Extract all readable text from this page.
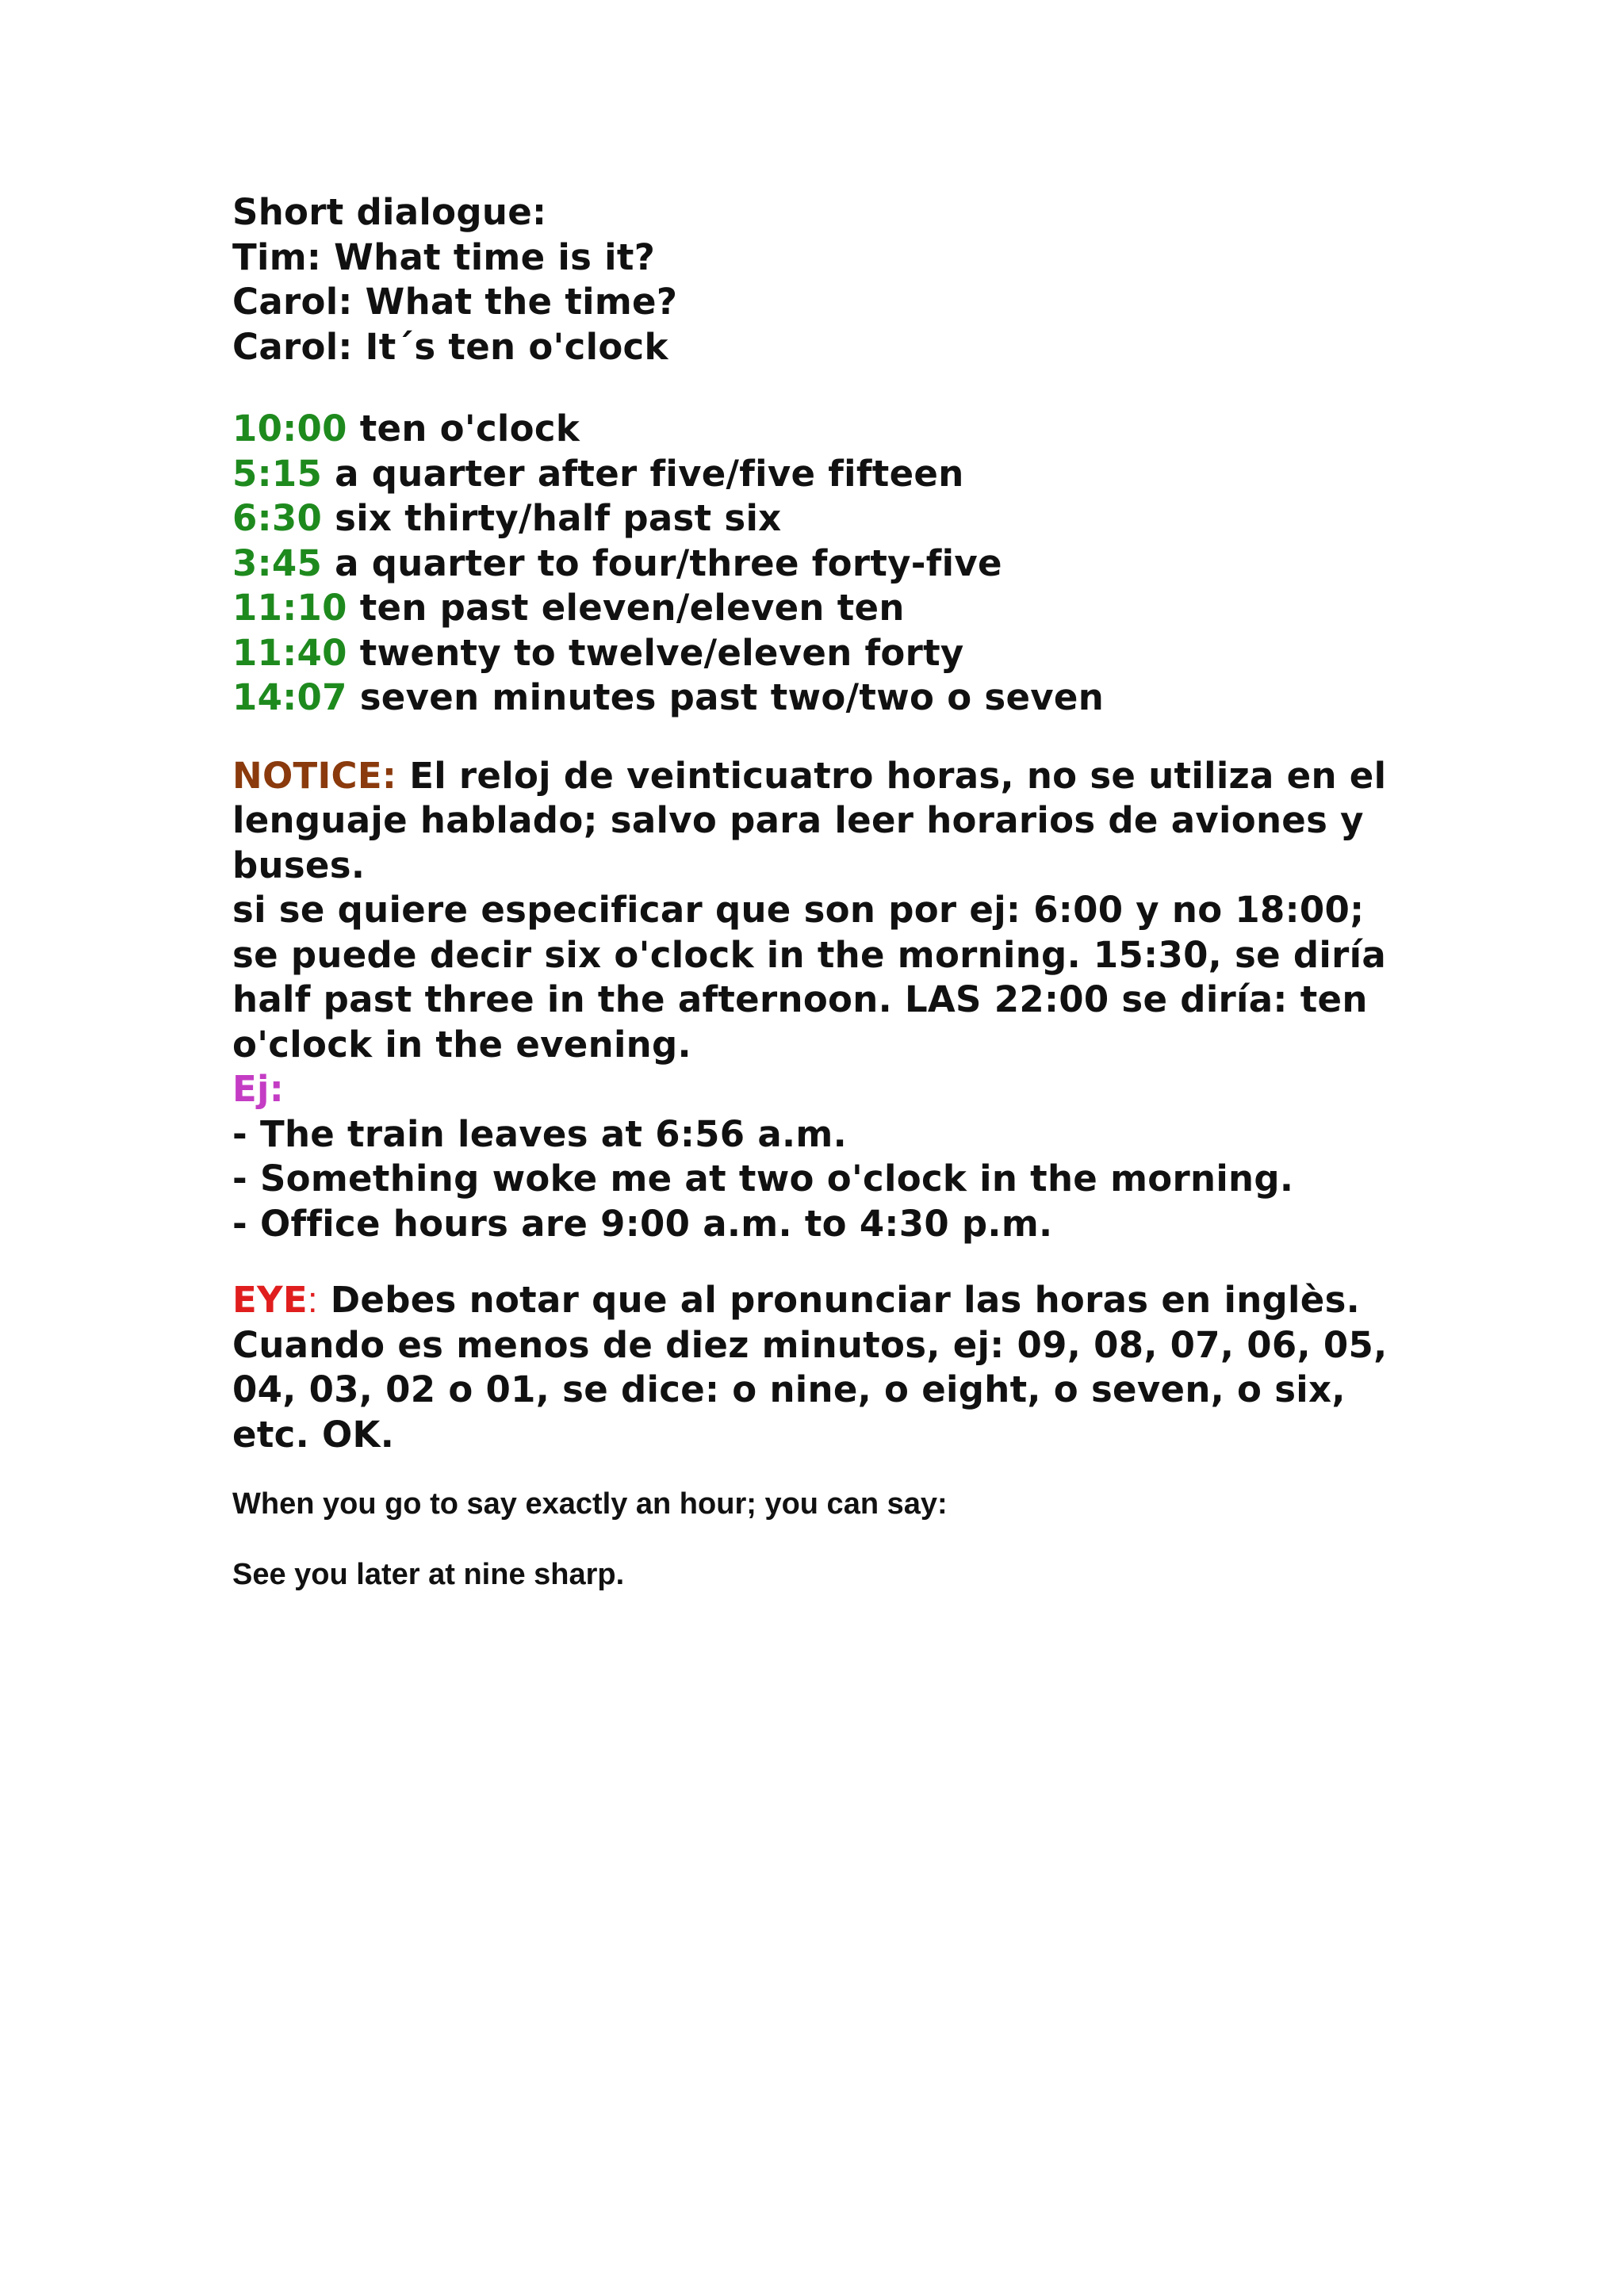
Short dialogue:
Tim: What time is it?
Carol: What the time?
Carol: It´s ten o'clock
10:00 ten o'clock
5:15 a quarter after five/five fifteen
6:30 six thirty/half past six
3:45 a quarter to four/three forty-five
11:10 ten past eleven/eleven ten
11:40 twenty to twelve/eleven forty
14:07 seven minutes past two/two o seven
NOTICE: El reloj de veinticuatro horas, no se utiliza en el lenguaje hablado; salvo para leer horarios de aviones y buses.
si se quiere especificar que son por ej: 6:00 y no 18:00; se puede decir six o'clock in the morning. 15:30, se diría half past three in the afternoon. LAS 22:00 se diría: ten o'clock in the evening.
Ej:
- The train leaves at 6:56 a.m.
- Something woke me at two o'clock in the morning.
- Office hours are 9:00 a.m. to 4:30 p.m.
EYE: Debes notar que al pronunciar las horas en inglès. Cuando es menos de diez minutos, ej: 09, 08, 07, 06, 05, 04, 03, 02 o 01, se dice: o nine, o eight, o seven, o six, etc. OK.
When you go to say exactly an hour; you can say:
See you later at nine sharp.
